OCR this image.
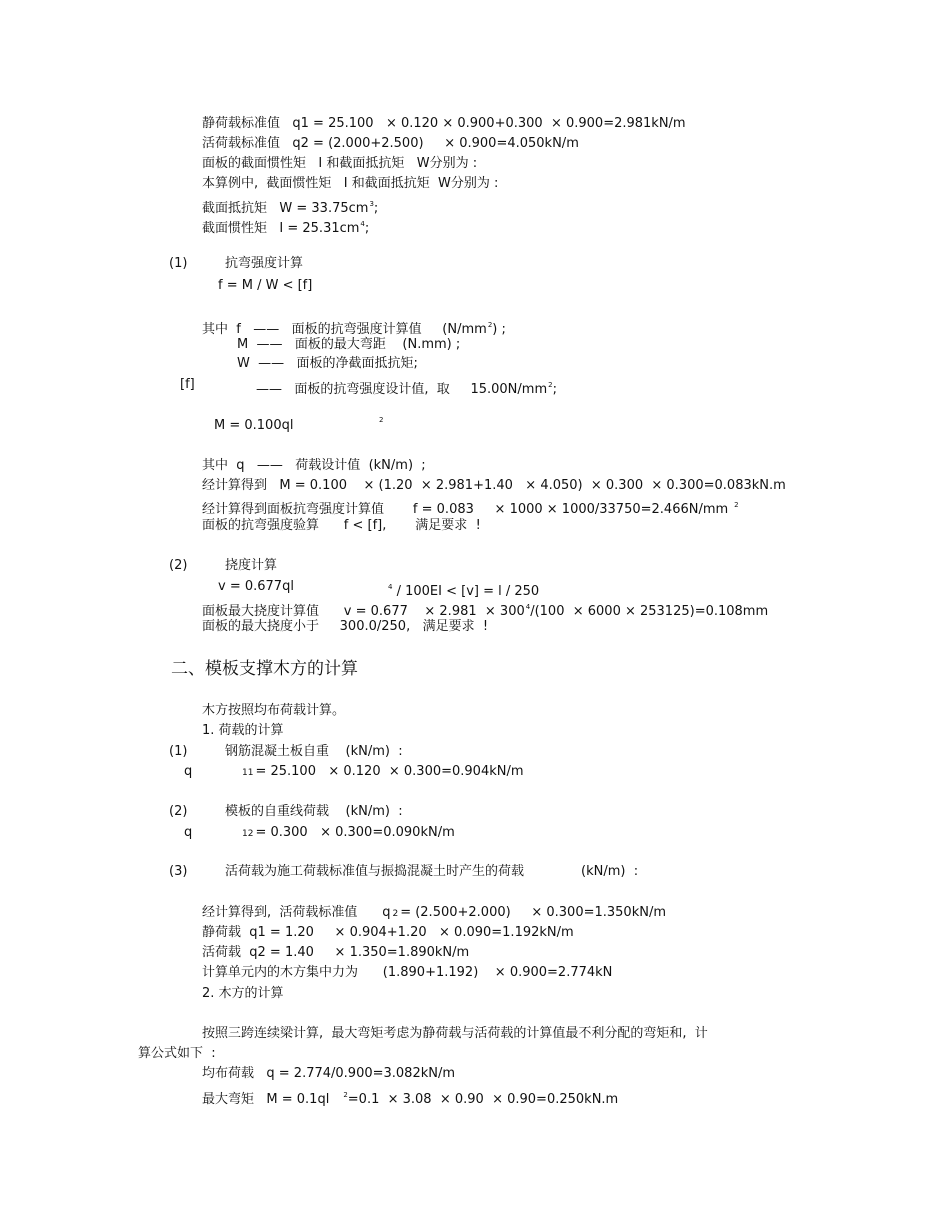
静荷载标准值   q1 = 25.100   × 0.120 × 0.900+0.300  × 0.900=2.981kN/m
活荷载标准值   q2 = (2.000+2.500)     × 0.900=4.050kN/m
面板的截面惯性矩   I 和截面抵抗矩   W分别为 :
本算例中,  截面惯性矩   I 和截面抵抗矩  W分别为 :
截面抵抗矩   $W = 33.75cm^3$;
截面惯性矩   $I = 25.31cm^4$;
(1)	抗弯强度计算
f = M / W < [f]
其中  f   ——   面板的抗弯强度计算值     $(N/mm^2)$ ;
M  ——   面板的最大弯距    (N.mm) ;
W  ——   面板的净截面抵抗矩;
[f]	——   面板的抗弯强度设计值,  取     $15.00N/mm^2$;
M = 0.100ql	2
其中  q   ——   荷载设计值  (kN/m)  ;
经计算得到   M = 0.100    × (1.20  × 2.981+1.40   × 4.050)  × 0.300  × 0.300=0.083kN.m
经计算得到面板抗弯强度计算值       f = 0.083     × 1000 × 1000/33750=2.466N/mm $^2$
面板的抗弯强度验算      f < [f],       满足要求  !
(2)	挠度计算
v = 0.677ql	$^4$ / 100EI < [v] = l / 250
面板最大挠度计算值      v = 0.677    × $2.981 \times 300^4/(100 \times 6000 \times 253125)=0.108mm$
面板的最大挠度小于     300.0/250,   满足要求  !
二、模板支撑木方的计算
木方按照均布荷载计算。
1. 荷载的计算
(1)	钢筋混凝土板自重    (kN/m)  :
q	11 = 25.100   × 0.120  × 0.300=0.904kN/m
(2)	模板的自重线荷载    (kN/m)  :
q	12 = 0.300   × 0.300=0.090kN/m
(3)	活荷载为施工荷载标准值与振捣混凝土时产生的荷载	(kN/m)  :
经计算得到,  活荷载标准值      q 2 = (2.500+2.000)     × 0.300=1.350kN/m
静荷载  q1 = 1.20     × 0.904+1.20   × 0.090=1.192kN/m
活荷载  q2 = 1.40     × 1.350=1.890kN/m
计算单元内的木方集中力为      (1.890+1.192)    × 0.900=2.774kN
2. 木方的计算
按照三跨连续梁计算,  最大弯矩考虑为静荷载与活荷载的计算值最不利分配的弯矩和,  计
算公式如下  :
均布荷载   q = 2.774/0.900=3.082kN/m
最大弯矩   M = 0.1ql $^2$=0.1  × 3.08  × 0.90  × 0.90=0.250kN.m
